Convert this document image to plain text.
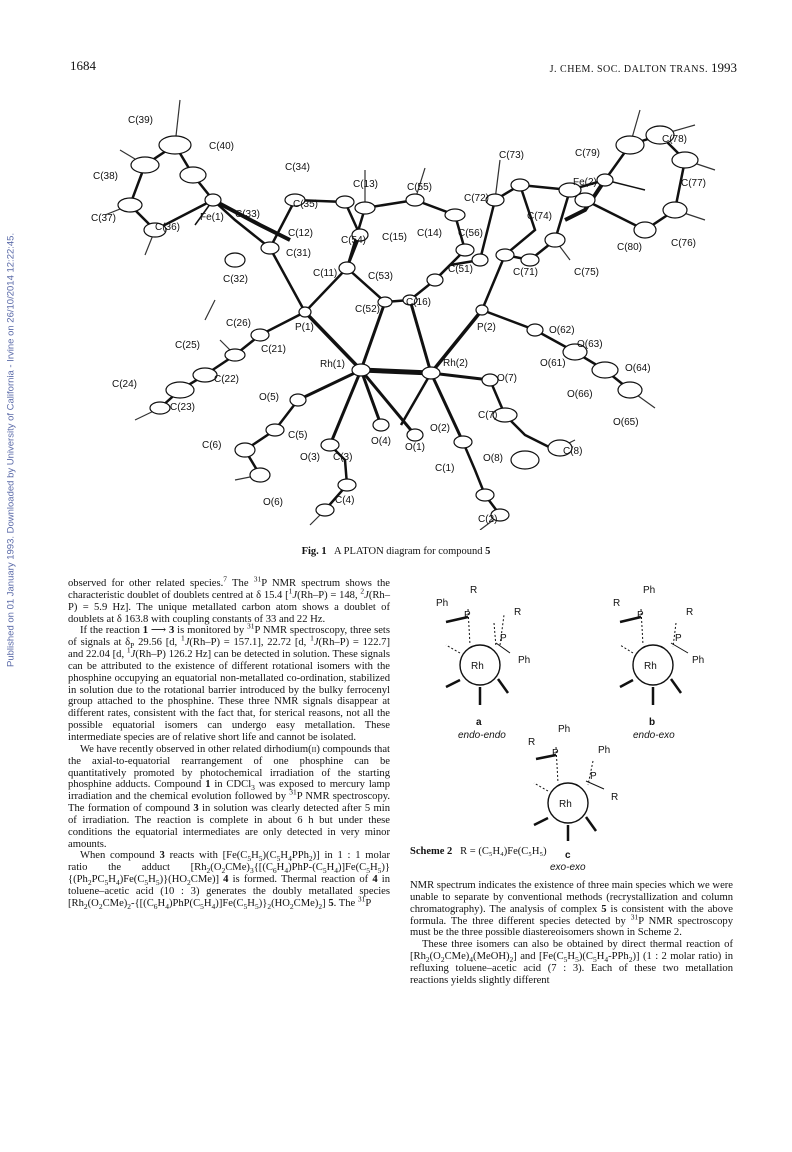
1684	J. CHEM. SOC. DALTON TRANS. 1993
Published on 01 January 1993. Downloaded by University of California - Irvine on 26/10/2014 12:22:45.
C(39)
C(40)
C(38)
C(34)
C(13)	C(55)
C(73)	C(79)
C(78)
C(77)
Fe(2)
C(72)
C(74)
C(35)
C(33)
C(37)	Fe(1)
C(36)
C(12)
C(54) C(15) C(14) C(56)
C(80)	C(76)
C(31)
C(11)	C(53)
C(51)	C(71)	C(75)
C(32)
C(52)
C(16)
P(1)	P(2)	O(62)
O(63)
C(26)
C(25)	C(21)
Rh(1)	Rh(2)	O(61)	O(64)
C(24)	C(22)	O(7)
O(66)
C(23)
O(5)
O(2)
C(7)
O(65)
C(5)
O(4)
O(1)
C(6)
O(3) C(3)
C(1)
O(8)
C(8)
O(6)	C(4)
C(2)
Fig. 1 A PLATON diagram for compound 5

observed for other related species.$^7$ The $^{31}$P NMR spectrum shows the characteristic doublet of doublets centred at δ 15.4 [$^1$J(Rh–P) = 148, $^2$J(Rh–P) = 5.9 Hz]. The unique metallated carbon atom shows a doublet of doublets at δ 163.8 with coupling constants of 33 and 22 Hz.

If the reaction 1 ⟶ 3 is monitored by $^{31}$P NMR spectroscopy, three sets of signals at $\delta_P$ 29.56 [d, $^1$J(Rh–P) = 157.1], 22.72 [d, $^1$J(Rh–P) = 122.7] and 22.04 [d, $^1$J(Rh–P) 126.2 Hz] can be detected in solution. These signals can be attributed to the existence of different rotational isomers with the phosphine occupying an equatorial non-metallated co-ordination, stabilized in solution due to the rotational barrier introduced by the bulky ferrocenyl group attached to the phosphine. These three NMR signals disappear at different rates, consistent with the fact that, for sterical reasons, not all the possible equatorial isomers can undergo easy metallation. These intermediate species are of relative short life and cannot be isolated.

We have recently observed in other related dirhodium(ii) compounds that the axial-to-equatorial rearrangement of one phosphine can be quantitatively promoted by photochemical irradiation of the starting phosphine adducts. Compound 1 in CDCl$_3$ was exposed to mercury lamp irradiation and the chemical evolution followed by $^{31}$P NMR spectroscopy. The formation of compound 3 in solution was clearly detected after 5 min of irradiation. The reaction is complete in about 6 h but under these conditions the equatorial intermediates are only detected in very minor amounts.

When compound 3 reacts with $[Fe(C_5H_5)(C_5H_4PPh_2)]$ in 1 : 1 molar ratio the adduct $[Rh_2(O_2CMe)_3\{[(C_6H_4)PhP-(C_5H_4)]Fe(C_5H_5)\}\{(Ph_2PC_5H_4)Fe(C_5H_5)\}(HO_2CMe)]$ 4 is formed. Thermal reaction of 4 in toluene–acetic acid (10 : 3) generates the doubly metallated species $[Rh_2(O_2CMe)_2-\{[(C_6H_4)PhP(C_5H_4)]Fe(C_5H_5)\}_2(HO_2CMe)_2]$ 5. The $^{31}$P

Rh
R
Ph
P	R
P
Ph
a
endo-endo
Rh
Ph
R
P	R
P
Ph
b
endo-exo
Rh
Ph
R
P	Ph
P
R
c
exo-exo
Scheme 2 R = (C₅H₄)Fe(C₅H₅)

NMR spectrum indicates the existence of three main species which we were unable to separate by conventional methods (recrystallization and column chromatography). The analysis of complex 5 is consistent with the above formula. The three different species detected by $^{31}$P NMR spectroscopy must be the three possible diastereoisomers shown in Scheme 2.

These three isomers can also be obtained by direct thermal reaction of $[Rh_2(O_2CMe)_4(MeOH)_2]$ and $[Fe(C_5H_5)(C_5H_4-PPh_2)]$ (1 : 2 molar ratio) in refluxing toluene–acetic acid (7 : 3). Each of these two metallation reactions yields slightly different
